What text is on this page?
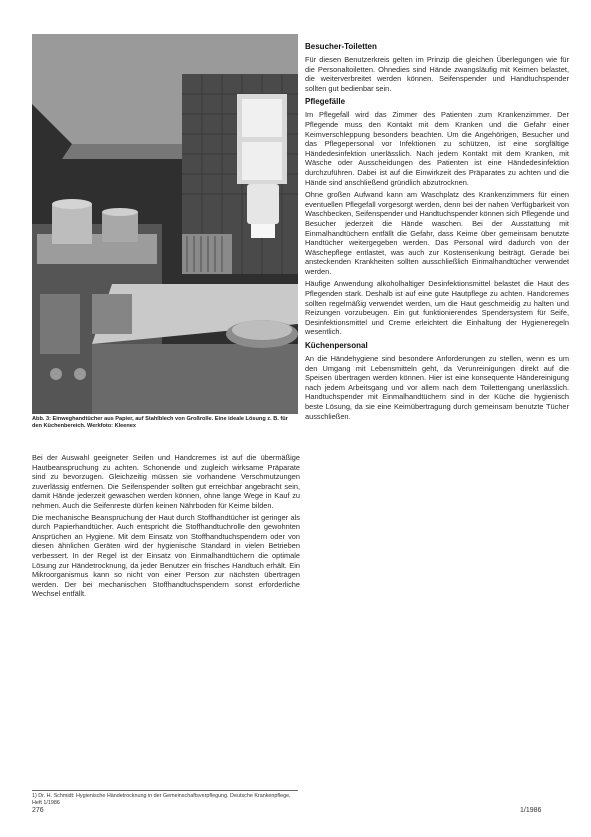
Abb. 3: Einweghandtücher aus Papier, auf Stahlblech von Großrolle. Eine ideale Lösung z. B. für den Küchenbereich. Werkfoto: Kleenex

Bei der Auswahl geeigneter Seifen und Handcremes ist auf die übermäßige Hautbeanspruchung zu achten. Schonende und zugleich wirksame Präparate sind zu bevorzugen. Gleichzeitig müssen sie vorhandene Verschmutzungen zuverlässig entfernen. Die Seifenspender sollten gut erreichbar angebracht sein, damit Hände jederzeit gewaschen werden können, ohne lange Wege in Kauf zu nehmen. Auch die Seifenreste dürfen keinen Nährboden für Keime bilden.

Die mechanische Beanspruchung der Haut durch Stoffhandtücher ist geringer als durch Papierhandtücher. Auch entspricht die Stoffhandtuchrolle den gewohnten Ansprüchen an Hygiene. Mit dem Einsatz von Stoffhandtuchspendern oder von diesen ähnlichen Geräten wird der hygienische Standard in vielen Betrieben verbessert. In der Regel ist der Einsatz von Einmalhandtüchern die optimale Lösung zur Händetrocknung, da jeder Benutzer ein frisches Handtuch erhält. Ein Mikroorganismus kann so nicht von einer Person zur nächsten übertragen werden. Der bei mechanischen Stoffhandtuchspendern sonst erforderliche Wechsel entfällt.

1) Dr. H. Schmidt: Hygienische Händetrocknung in der Gemeinschaftsverpflegung. Deutsche Krankenpflege, Heft 1/1986
Besucher-Toiletten

Für diesen Benutzerkreis gelten im Prinzip die gleichen Überlegungen wie für die Personaltoiletten. Ohnedies sind Hände zwangsläufig mit Keimen belastet, die weiterverbreitet werden können. Seifenspender und Handtuchspender sollten gut bedienbar sein.

Pflegefälle

Im Pflegefall wird das Zimmer des Patienten zum Krankenzimmer. Der Pflegende muss den Kontakt mit dem Kranken und die Gefahr einer Keimverschleppung besonders beachten. Um die Angehörigen, Besucher und das Pflegepersonal vor Infektionen zu schützen, ist eine sorgfältige Händedesinfektion unerlässlich. Nach jedem Kontakt mit dem Kranken, mit Wäsche oder Ausscheidungen des Patienten ist eine Händedesinfektion durchzuführen. Dabei ist auf die Einwirkzeit des Präparates zu achten und die Hände sind anschließend gründlich abzutrocknen.

Ohne großen Aufwand kann am Waschplatz des Krankenzimmers für einen eventuellen Pflegefall vorgesorgt werden, denn bei der nahen Verfügbarkeit von Waschbecken, Seifenspender und Handtuchspender können sich Pflegende und Besucher jederzeit die Hände waschen. Bei der Ausstattung mit Einmalhandtüchern entfällt die Gefahr, dass Keime über gemeinsam benutzte Handtücher weitergegeben werden. Das Personal wird dadurch von der Wäschepflege entlastet, was auch zur Kostensenkung beiträgt. Gerade bei ansteckenden Krankheiten sollten ausschließlich Einmalhandtücher verwendet werden.

Häufige Anwendung alkoholhaltiger Desinfektionsmittel belastet die Haut des Pflegenden stark. Deshalb ist auf eine gute Hautpflege zu achten. Handcremes sollten regelmäßig verwendet werden, um die Haut geschmeidig zu halten und Reizungen vorzubeugen. Ein gut funktionierendes Spendersystem für Seife, Desinfektionsmittel und Creme erleichtert die Einhaltung der Hygieneregeln wesentlich.

Küchenpersonal

An die Händehygiene sind besondere Anforderungen zu stellen, wenn es um den Umgang mit Lebensmitteln geht, da Verunreinigungen direkt auf die Speisen übertragen werden können. Hier ist eine konsequente Händereinigung nach jedem Arbeitsgang und vor allem nach dem Toilettengang unerlässlich. Handtuchspender mit Einmalhandtüchern sind in der Küche die hygienisch beste Lösung, da sie eine Keimübertragung durch gemeinsam benutzte Tücher ausschließen.

276	1/1986
